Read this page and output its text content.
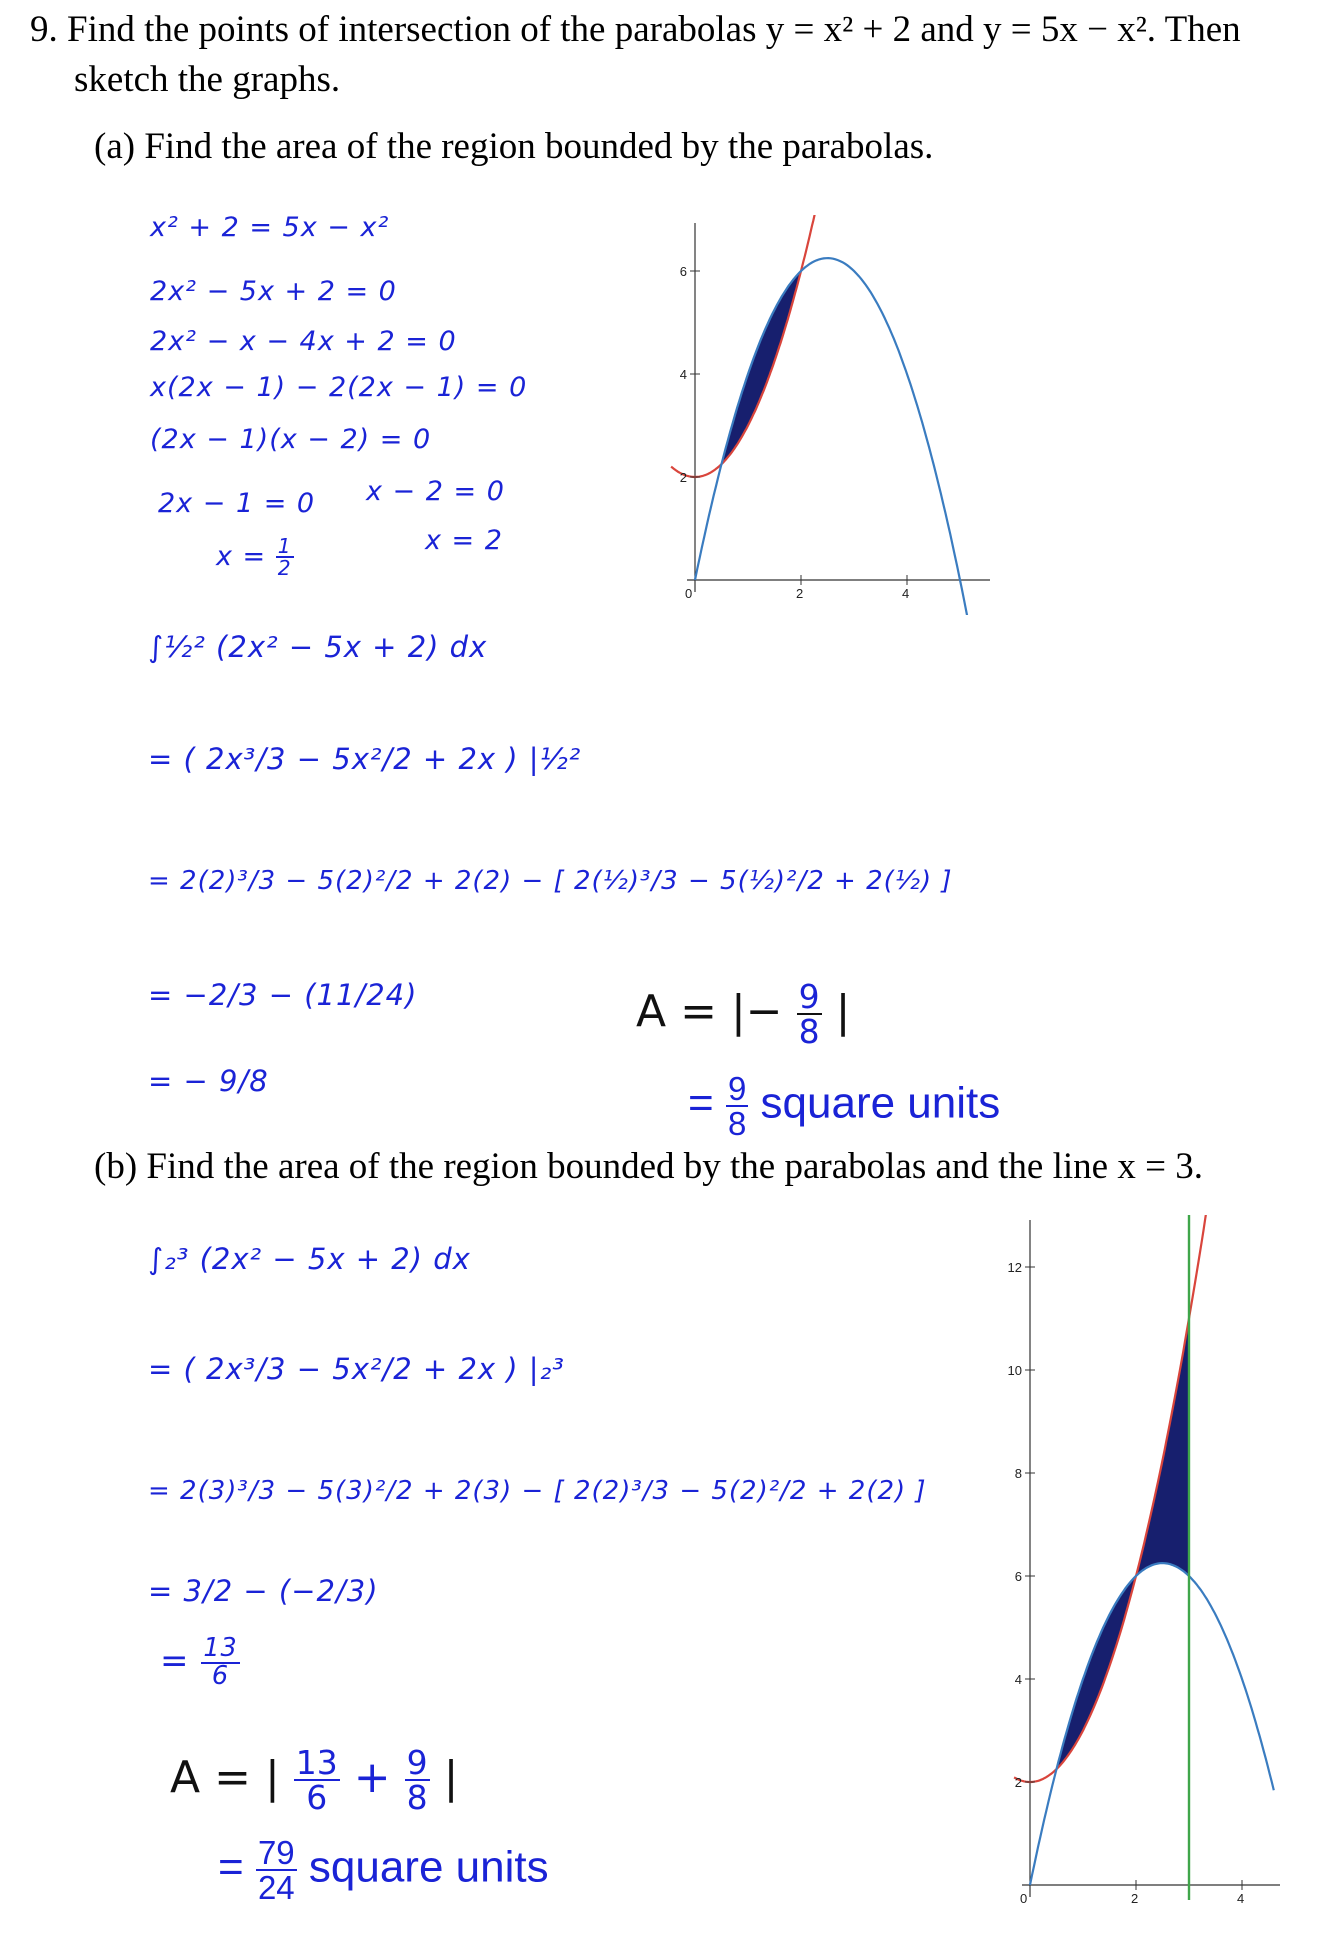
9. Find the points of intersection of the parabolas y = x² + 2 and y = 5x − x². Then
sketch the graphs.
(a) Find the area of the region bounded by the parabolas.
x² + 2 = 5x − x²
2x² − 5x + 2 = 0
2x² − x − 4x + 2 = 0
x(2x − 1) − 2(2x − 1) = 0
(2x − 1)(x − 2) = 0
2x − 1 = 0 x − 2 = 0
$x = \frac{1}{2}$	x = 2
∫½² (2x² − 5x + 2) dx
= ( 2x³/3 − 5x²/2 + 2x ) |½²
= 2(2)³/3 − 5(2)²/2 + 2(2) − [ 2(½)³/3 − 5(½)²/2 + 2(½) ]
= −2/3 − (11/24)
= − 9/8
A = |− $\frac{9}{8}$ |
= $\frac{9}{8}$ square units
(b) Find the area of the region bounded by the parabolas and the line x = 3.
∫₂³ (2x² − 5x + 2) dx
= ( 2x³/3 − 5x²/2 + 2x ) |₂³
= 2(3)³/3 − 5(3)²/2 + 2(3) − [ 2(2)³/3 − 5(2)²/2 + 2(2) ]
= 3/2 − (−2/3)
= $\frac{13}{6}$
A = | $\frac{13}{6} + \frac{9}{8}$ |
= $\frac{79}{24}$ square units
0	2	4
2
4
6
0	2	4
2
4
6
8
10
12
